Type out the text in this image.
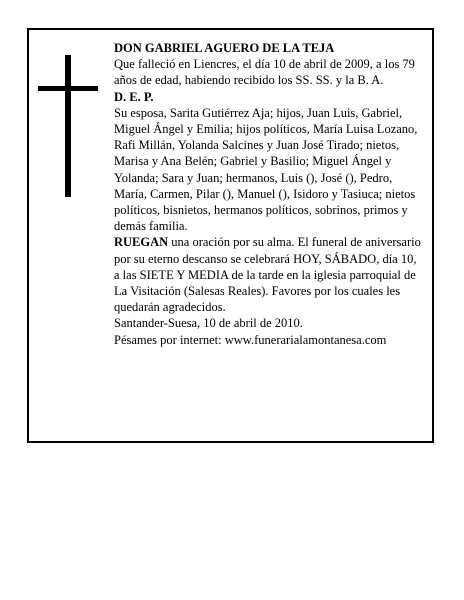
DON GABRIEL AGUERO DE LA TEJA

Que falleció en Liencres, el día 10 de abril de 2009, a los 79 años de edad, habiendo recibido los SS. SS. y la B. A.

D. E. P.

Su esposa, Sarita Gutiérrez Aja; hijos, Juan Luis, Gabriel, Miguel Ángel y Emilia; hijos políticos, María Luisa Lozano, Rafi Millán, Yolanda Salcines y Juan José Tirado; nietos, Marisa y Ana Belén; Gabriel y Basilio; Miguel Ángel y Yolanda; Sara y Juan; hermanos, Luis (), José (), Pedro, María, Carmen, Pilar (), Manuel (), Isidoro y Tasiuca; nietos políticos, bisnietos, hermanos políticos, sobrinos, primos y demás familia.

RUEGAN una oración por su alma. El funeral de aniversario por su eterno descanso se celebrará HOY, SÁBADO, día 10, a las SIETE Y MEDIA de la tarde en la iglesia parroquial de La Visitación (Salesas Reales). Favores por los cuales les quedarán agradecidos.

Santander-Suesa, 10 de abril de 2010.

Pésames por internet: www.funerarialamontanesa.com
